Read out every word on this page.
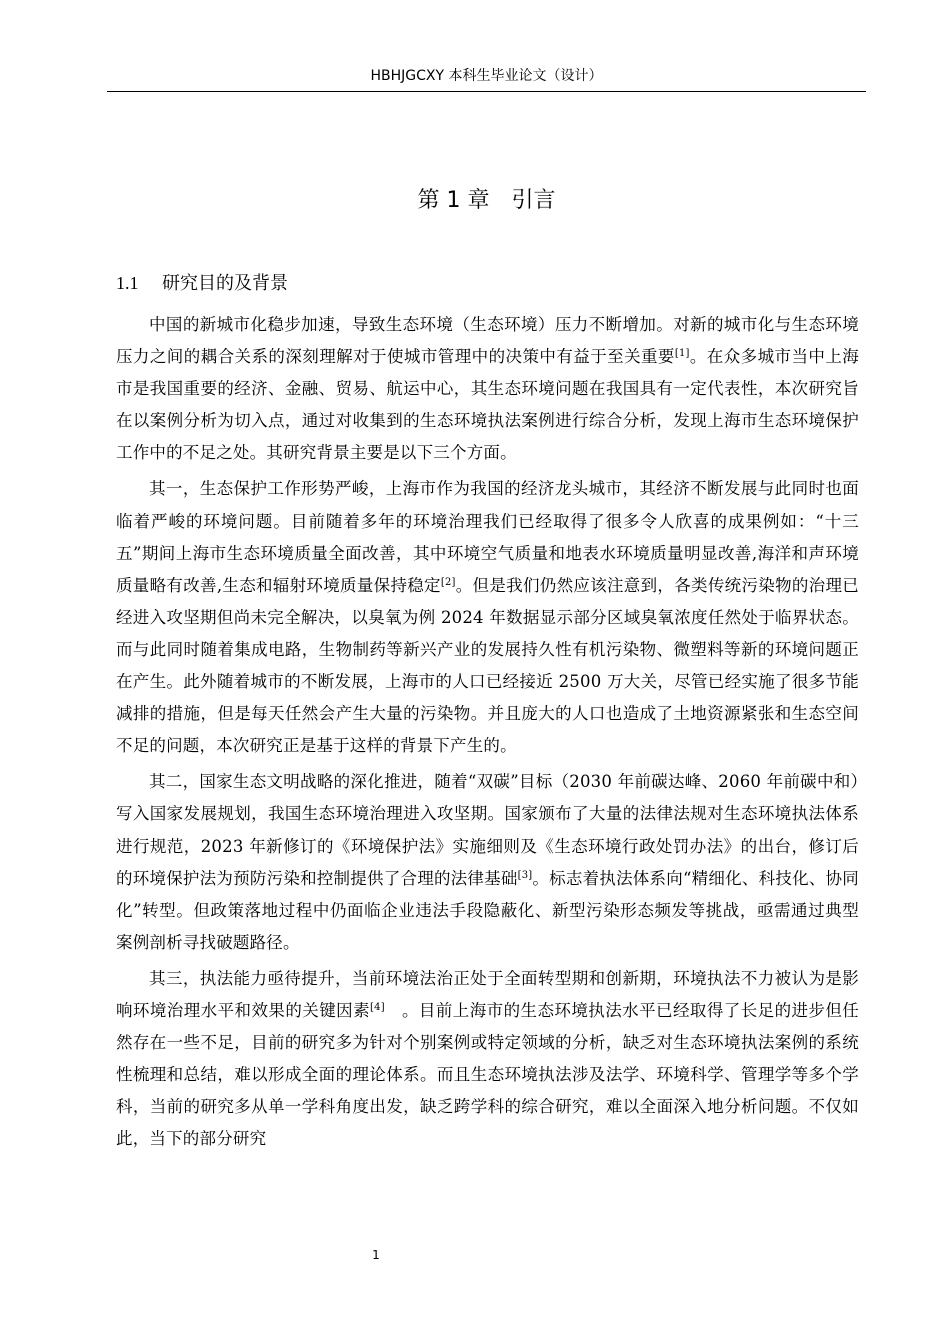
HBHJGCXY 本科生毕业论文（设计）
第 1 章 引言
1.1 研究目的及背景

中国的新城市化稳步加速，导致生态环境（生态环境）压力不断增加。对新的城市化与生态环境压力之间的耦合关系的深刻理解对于使城市管理中的决策中有益于至关重要[1]。在众多城市当中上海市是我国重要的经济、金融、贸易、航运中心，其生态环境问题在我国具有一定代表性，本次研究旨在以案例分析为切入点，通过对收集到的生态环境执法案例进行综合分析，发现上海市生态环境保护工作中的不足之处。其研究背景主要是以下三个方面。

其一，生态保护工作形势严峻，上海市作为我国的经济龙头城市，其经济不断发展与此同时也面临着严峻的环境问题。目前随着多年的环境治理我们已经取得了很多令人欣喜的成果例如：“十三五”期间上海市生态环境质量全面改善，其中环境空气质量和地表水环境质量明显改善,海洋和声环境质量略有改善,生态和辐射环境质量保持稳定[2]。但是我们仍然应该注意到，各类传统污染物的治理已经进入攻坚期但尚未完全解决，以臭氧为例 2024 年数据显示部分区域臭氧浓度任然处于临界状态。而与此同时随着集成电路，生物制药等新兴产业的发展持久性有机污染物、微塑料等新的环境问题正在产生。此外随着城市的不断发展，上海市的人口已经接近 2500 万大关，尽管已经实施了很多节能减排的措施，但是每天任然会产生大量的污染物。并且庞大的人口也造成了土地资源紧张和生态空间不足的问题，本次研究正是基于这样的背景下产生的。

其二，国家生态文明战略的深化推进，随着“双碳”目标（2030 年前碳达峰、2060 年前碳中和）写入国家发展规划，我国生态环境治理进入攻坚期。国家颁布了大量的法律法规对生态环境执法体系进行规范，2023 年新修订的《环境保护法》实施细则及《生态环境行政处罚办法》的出台，修订后的环境保护法为预防污染和控制提供了合理的法律基础[3]。标志着执法体系向“精细化、科技化、协同化”转型。但政策落地过程中仍面临企业违法手段隐蔽化、新型污染形态频发等挑战，亟需通过典型案例剖析寻找破题路径。

其三，执法能力亟待提升，当前环境法治正处于全面转型期和创新期，环境执法不力被认为是影响环境治理水平和效果的关键因素[4]　。目前上海市的生态环境执法水平已经取得了长足的进步但任然存在一些不足，目前的研究多为针对个别案例或特定领域的分析，缺乏对生态环境执法案例的系统性梳理和总结，难以形成全面的理论体系。而且生态环境执法涉及法学、环境科学、管理学等多个学科，当前的研究多从单一学科角度出发，缺乏跨学科的综合研究，难以全面深入地分析问题。不仅如此，当下的部分研究

1
